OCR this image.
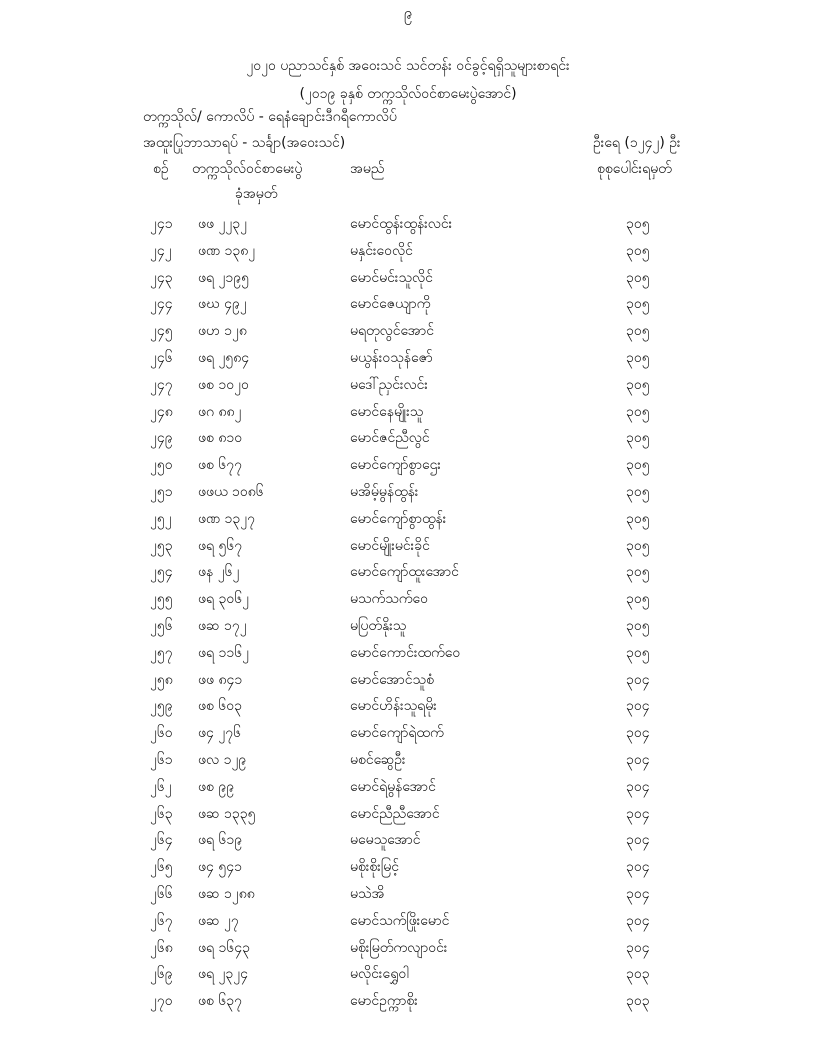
၉
၂၀၂၀ ပညာသင်နှစ် အဝေးသင် သင်တန်း ဝင်ခွင့်ရရှိသူများစာရင်း
(၂၀၁၉ ခုနှစ် တက္ကသိုလ်ဝင်စာမေးပွဲအောင်)
တက္ကသိုလ်/ ကောလိပ် - ရေနံချောင်းဒီဂရီကောလိပ်
အထူးပြုဘာသာရပ် - သင်္ချာ(အဝေးသင်)	ဦးရေ (၁၂၄၂) ဦး
စဉ် တက္ကသိုလ်ဝင်စာမေးပွဲ
ခုံအမှတ်
အမည်	စုစုပေါင်းရမှတ်
၂၄၁ ဖဖ ၂၂၃၂	မောင်ထွန်းထွန်းလင်း	၃၀၅
၂၄၂ ဖဏ ၁၃၈၂	မနှင်းဝေလိုင်	၃၀၅
၂၄၃ ဖရ ၂၁၉၅	မောင်မင်းသူလိုင်	၃၀၅
၂၄၄ ဖဃ ၄၉၂	မောင်ဇေယျာကို	၃၀၅
၂၄၅ ဖဟ ၁၂၈	မရတုလွင်အောင်	၃၀၅
၂၄၆ ဖရ ၂၅၈၄	မယွန်းဝသုန်ဇော်	၃၀၅
၂၄၇ ဖစ ၁၀၂၀	မဒေါ်ညှင်းလင်း	၃၀၅
၂၄၈ ဖဂ ၈၈၂	မောင်နေမျိုးသူ	၃၀၅
၂၄၉ ဖစ ၈၁၀	မောင်ဇင်ညီလွင်	၃၀၅
၂၅၀ ဖစ ၆၇၇	မောင်ကျော်စွာဌေး	၃၀၅
၂၅၁ ဖဖယ ၁၀၈၆	မအိမ့်မွန်ထွန်း	၃၀၅
၂၅၂ ဖဏ ၁၃၂၇	မောင်ကျော်စွာထွန်း	၃၀၅
၂၅၃ ဖရ ၅၆၇	မောင်မျိုးမင်းခိုင်	၃၀၅
၂၅၄ ဖန ၂၆၂	မောင်ကျော်ထူးအောင်	၃၀၅
၂၅၅ ဖရ ၃၀၆၂	မသက်သက်ဝေ	၃၀၅
၂၅၆ ဖဆ ၁၇၂	မပြတ်နိုးသူ	၃၀၅
၂၅၇ ဖရ ၁၁၆၂	မောင်ကောင်းထက်ဝေ	၃၀၅
၂၅၈ ဖဖ ၈၄၁	မောင်အောင်သူစံ	၃၀၄
၂၅၉ ဖစ ၆၀၃	မောင်ဟိန်းသူရမိုး	၃၀၄
၂၆၀ ဖ၄ ၂၇၆	မောင်ကျော်ရဲထက်	၃၀၄
၂၆၁ ဖလ ၁၂၉	မစင်ဆွေဦး	၃၀၄
၂၆၂ ဖစ ၉၉	မောင်ရဲမွန်အောင်	၃၀၄
၂၆၃ ဖဆ ၁၃၃၅	မောင်ညီညီအောင်	၃၀၄
၂၆၄ ဖရ ၆၁၉	မမေသူအောင်	၃၀၄
၂၆၅ ဖ၄ ၅၄၁	မစိုးစိုးမြင့်	၃၀၄
၂၆၆ ဖဆ ၁၂၈၈	မသဲအိ	၃၀၄
၂၆၇ ဖဆ ၂၇	မောင်သက်ဖြိုးမောင်	၃၀၄
၂၆၈ ဖရ ၁၆၄၃	မစိုးမြတ်ကလျာဝင်း	၃၀၄
၂၆၉ ဖရ ၂၃၂၄	မလိုင်းရွှေဝါ	၃၀၃
၂၇၀ ဖစ ၆၃၇	မောင်ဥက္ကာစိုး	၃၀၃
